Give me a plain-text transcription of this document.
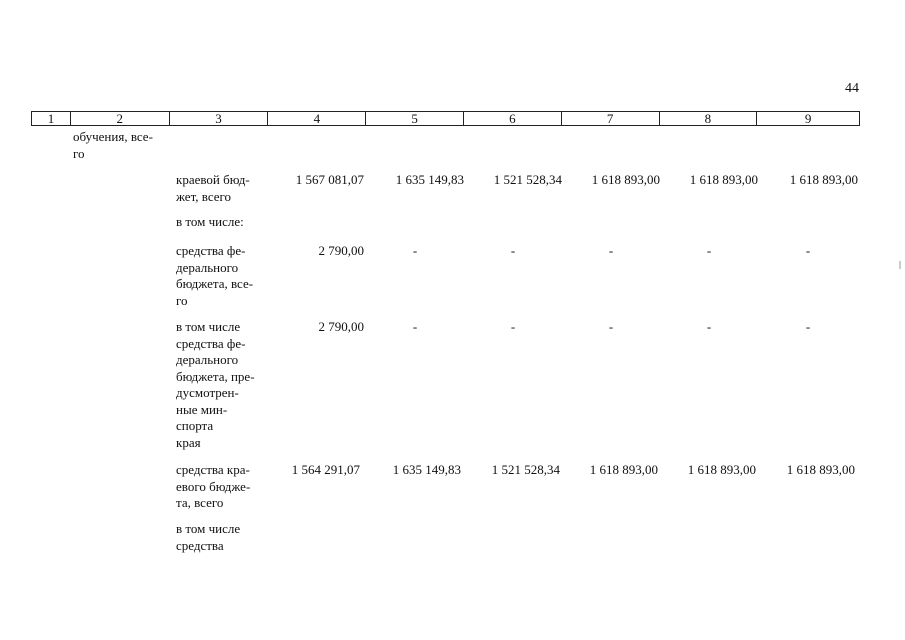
44
1	2	3	4	5	6	7	8	9
обучения, все-
го
краевой бюд-
жет, всего
1 567 081,07	1 635 149,83	1 521 528,34	1 618 893,00	1 618 893,00	1 618 893,00
в том числе:
средства фе-
дерального
бюджета, все-
го
2 790,00	-	-	-	-	-
в том числе
средства фе-
дерального
бюджета, пре-
дусмотрен-
ные мин-
спорта
края
2 790,00	-	-	-	-	-
средства кра-
евого бюдже-
та, всего
1 564 291,07	1 635 149,83	1 521 528,34	1 618 893,00	1 618 893,00	1 618 893,00
в том числе
средства
